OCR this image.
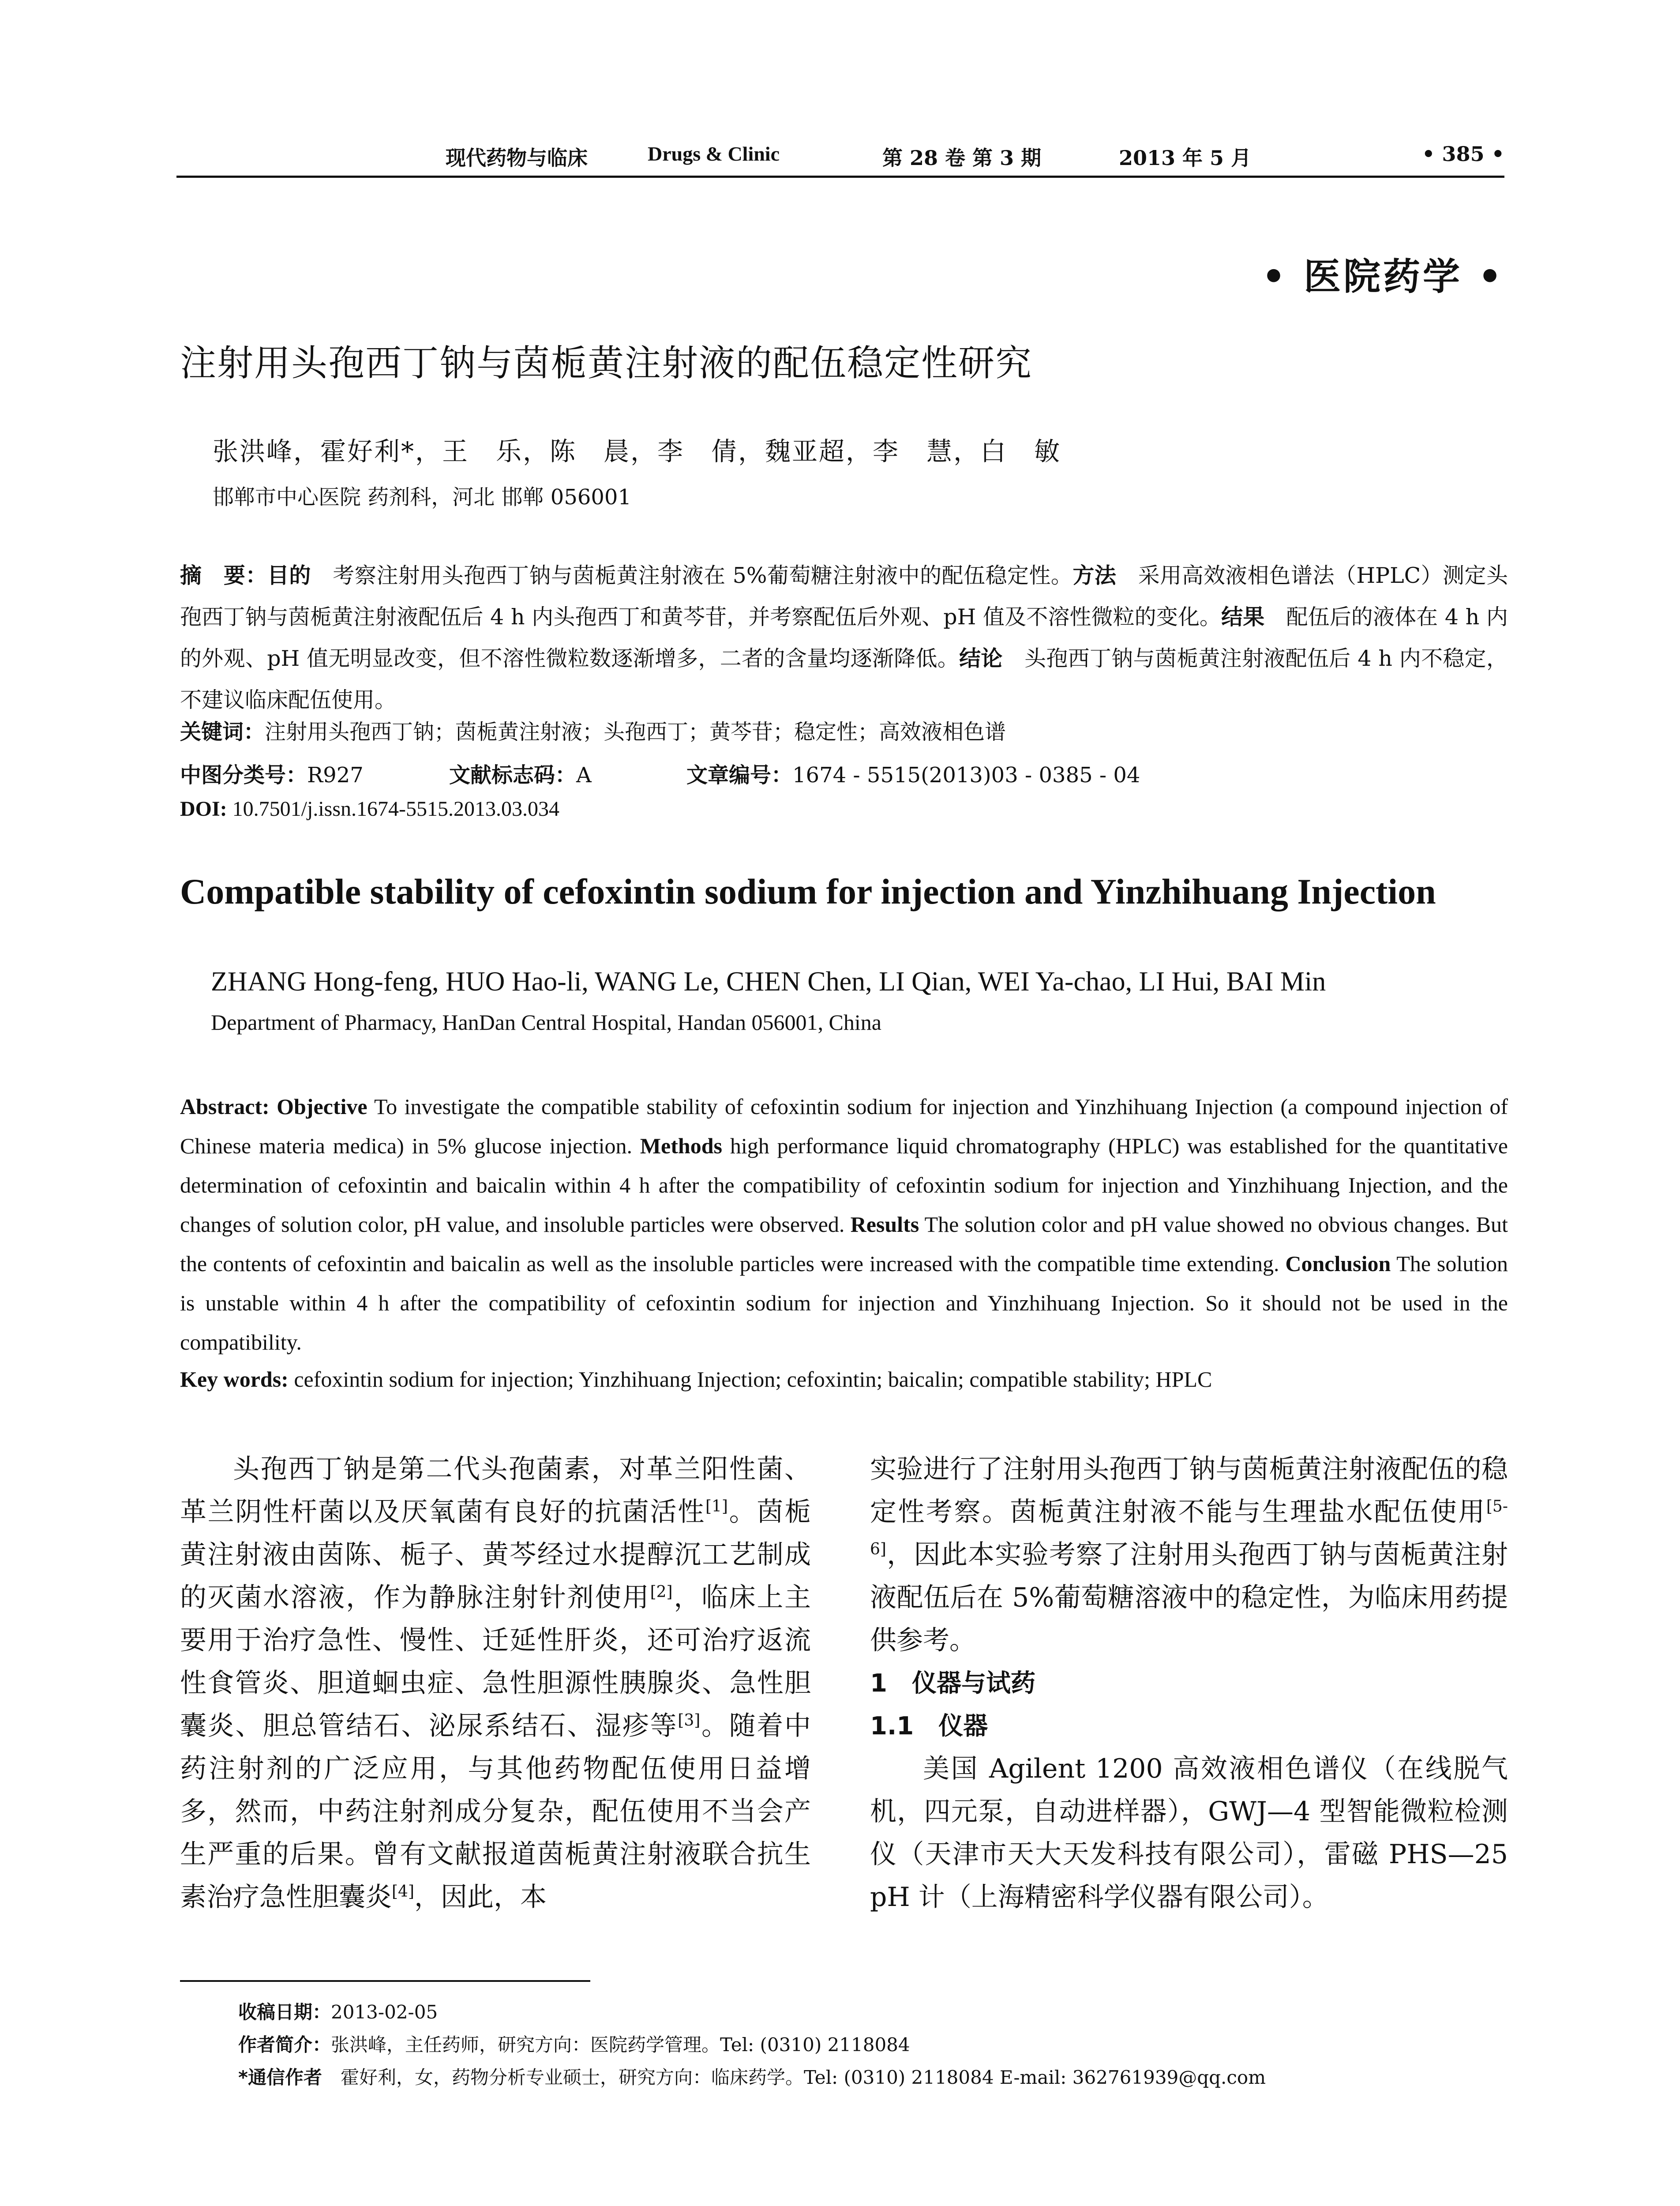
现代药物与临床	Drugs & Clinic	第 28 卷 第 3 期	2013 年 5 月	• 385 •
• 医院药学 •
注射用头孢西丁钠与茵栀黄注射液的配伍稳定性研究
张洪峰，霍好利*，王　乐，陈　晨，李　倩，魏亚超，李　慧，白　敏
邯郸市中心医院 药剂科，河北 邯郸 056001
摘　要：目的　考察注射用头孢西丁钠与茵栀黄注射液在 5%葡萄糖注射液中的配伍稳定性。方法　采用高效液相色谱法（HPLC）测定头孢西丁钠与茵栀黄注射液配伍后 4 h 内头孢西丁和黄芩苷，并考察配伍后外观、pH 值及不溶性微粒的变化。结果　配伍后的液体在 4 h 内的外观、pH 值无明显改变，但不溶性微粒数逐渐增多，二者的含量均逐渐降低。结论　头孢西丁钠与茵栀黄注射液配伍后 4 h 内不稳定，不建议临床配伍使用。
关键词：注射用头孢西丁钠；茵栀黄注射液；头孢西丁；黄芩苷；稳定性；高效液相色谱
中图分类号：R927	文献标志码：A	文章编号：1674 - 5515(2013)03 - 0385 - 04
DOI: 10.7501/j.issn.1674-5515.2013.03.034
Compatible stability of cefoxintin sodium for injection and Yinzhihuang Injection
ZHANG Hong-feng, HUO Hao-li, WANG Le, CHEN Chen, LI Qian, WEI Ya-chao, LI Hui, BAI Min
Department of Pharmacy, HanDan Central Hospital, Handan 056001, China
Abstract: Objective To investigate the compatible stability of cefoxintin sodium for injection and Yinzhihuang Injection (a compound injection of Chinese materia medica) in 5% glucose injection. Methods high performance liquid chromatography (HPLC) was established for the quantitative determination of cefoxintin and baicalin within 4 h after the compatibility of cefoxintin sodium for injection and Yinzhihuang Injection, and the changes of solution color, pH value, and insoluble particles were observed. Results The solution color and pH value showed no obvious changes. But the contents of cefoxintin and baicalin as well as the insoluble particles were increased with the compatible time extending. Conclusion The solution is unstable within 4 h after the compatibility of cefoxintin sodium for injection and Yinzhihuang Injection. So it should not be used in the compatibility.
Key words: cefoxintin sodium for injection; Yinzhihuang Injection; cefoxintin; baicalin; compatible stability; HPLC

头孢西丁钠是第二代头孢菌素，对革兰阳性菌、革兰阴性杆菌以及厌氧菌有良好的抗菌活性[1]。茵栀黄注射液由茵陈、栀子、黄芩经过水提醇沉工艺制成的灭菌水溶液，作为静脉注射针剂使用[2]，临床上主要用于治疗急性、慢性、迁延性肝炎，还可治疗返流性食管炎、胆道蛔虫症、急性胆源性胰腺炎、急性胆囊炎、胆总管结石、泌尿系结石、湿疹等[3]。随着中药注射剂的广泛应用，与其他药物配伍使用日益增多，然而，中药注射剂成分复杂，配伍使用不当会产生严重的后果。曾有文献报道茵栀黄注射液联合抗生素治疗急性胆囊炎[4]，因此，本

实验进行了注射用头孢西丁钠与茵栀黄注射液配伍的稳定性考察。茵栀黄注射液不能与生理盐水配伍使用[5-6]，因此本实验考察了注射用头孢西丁钠与茵栀黄注射液配伍后在 5%葡萄糖溶液中的稳定性，为临床用药提供参考。

1　仪器与试药

1.1　仪器

美国 Agilent 1200 高效液相色谱仪（在线脱气机，四元泵，自动进样器），GWJ—4 型智能微粒检测仪（天津市天大天发科技有限公司），雷磁 PHS—25 pH 计（上海精密科学仪器有限公司）。

收稿日期：2013-02-05
作者简介：张洪峰，主任药师，研究方向：医院药学管理。Tel: (0310) 2118084
*通信作者　霍好利，女，药物分析专业硕士，研究方向：临床药学。Tel: (0310) 2118084 E-mail: 362761939@qq.com
